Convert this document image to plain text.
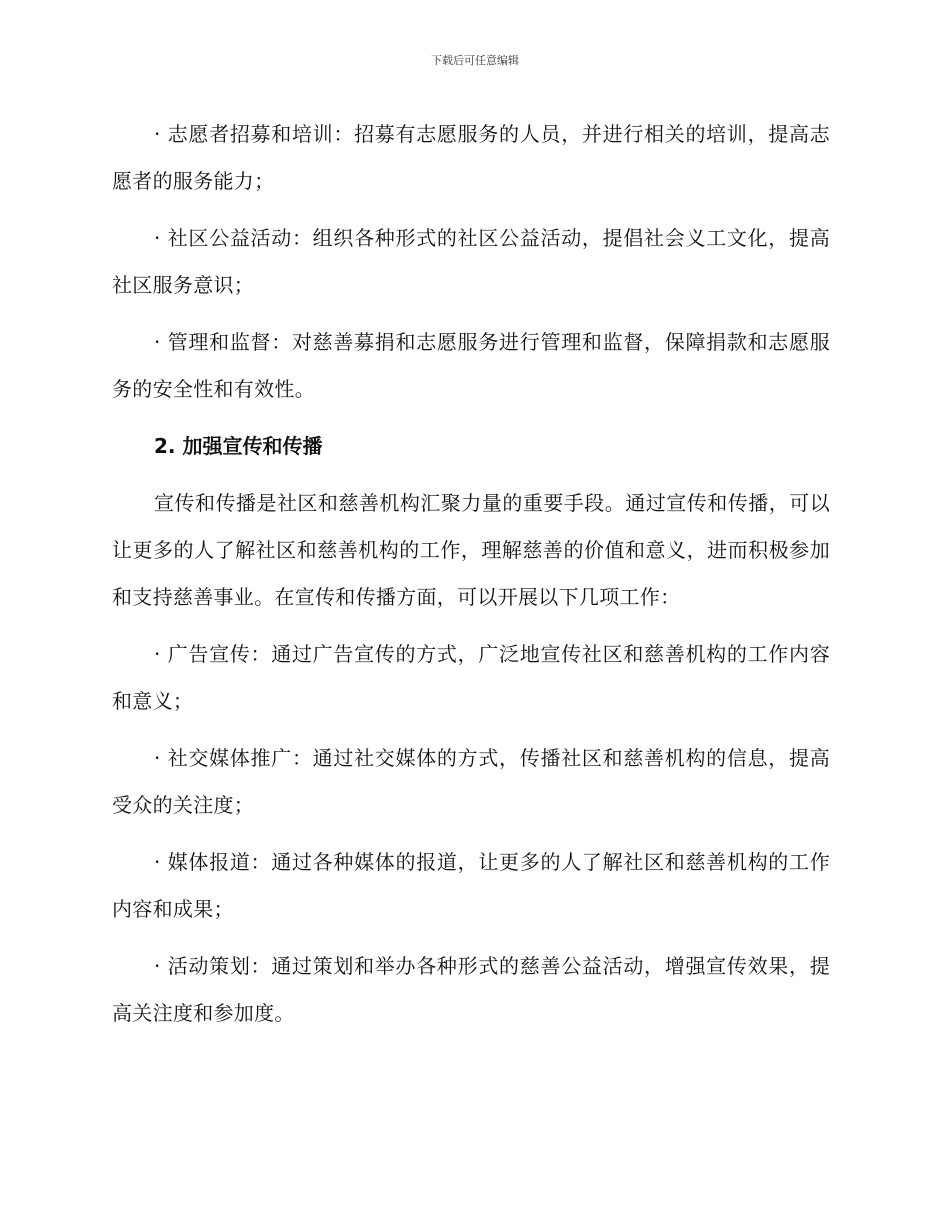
下载后可任意编辑

· 志愿者招募和培训：招募有志愿服务的人员，并进行相关的培训，提高志愿者的服务能力；

· 社区公益活动：组织各种形式的社区公益活动，提倡社会义工文化，提高社区服务意识；

· 管理和监督：对慈善募捐和志愿服务进行管理和监督，保障捐款和志愿服务的安全性和有效性。

2. 加强宣传和传播

宣传和传播是社区和慈善机构汇聚力量的重要手段。通过宣传和传播，可以让更多的人了解社区和慈善机构的工作，理解慈善的价值和意义，进而积极参加和支持慈善事业。在宣传和传播方面，可以开展以下几项工作：

· 广告宣传：通过广告宣传的方式，广泛地宣传社区和慈善机构的工作内容和意义；

· 社交媒体推广：通过社交媒体的方式，传播社区和慈善机构的信息，提高受众的关注度；

· 媒体报道：通过各种媒体的报道，让更多的人了解社区和慈善机构的工作内容和成果；

· 活动策划：通过策划和举办各种形式的慈善公益活动，增强宣传效果，提高关注度和参加度。
